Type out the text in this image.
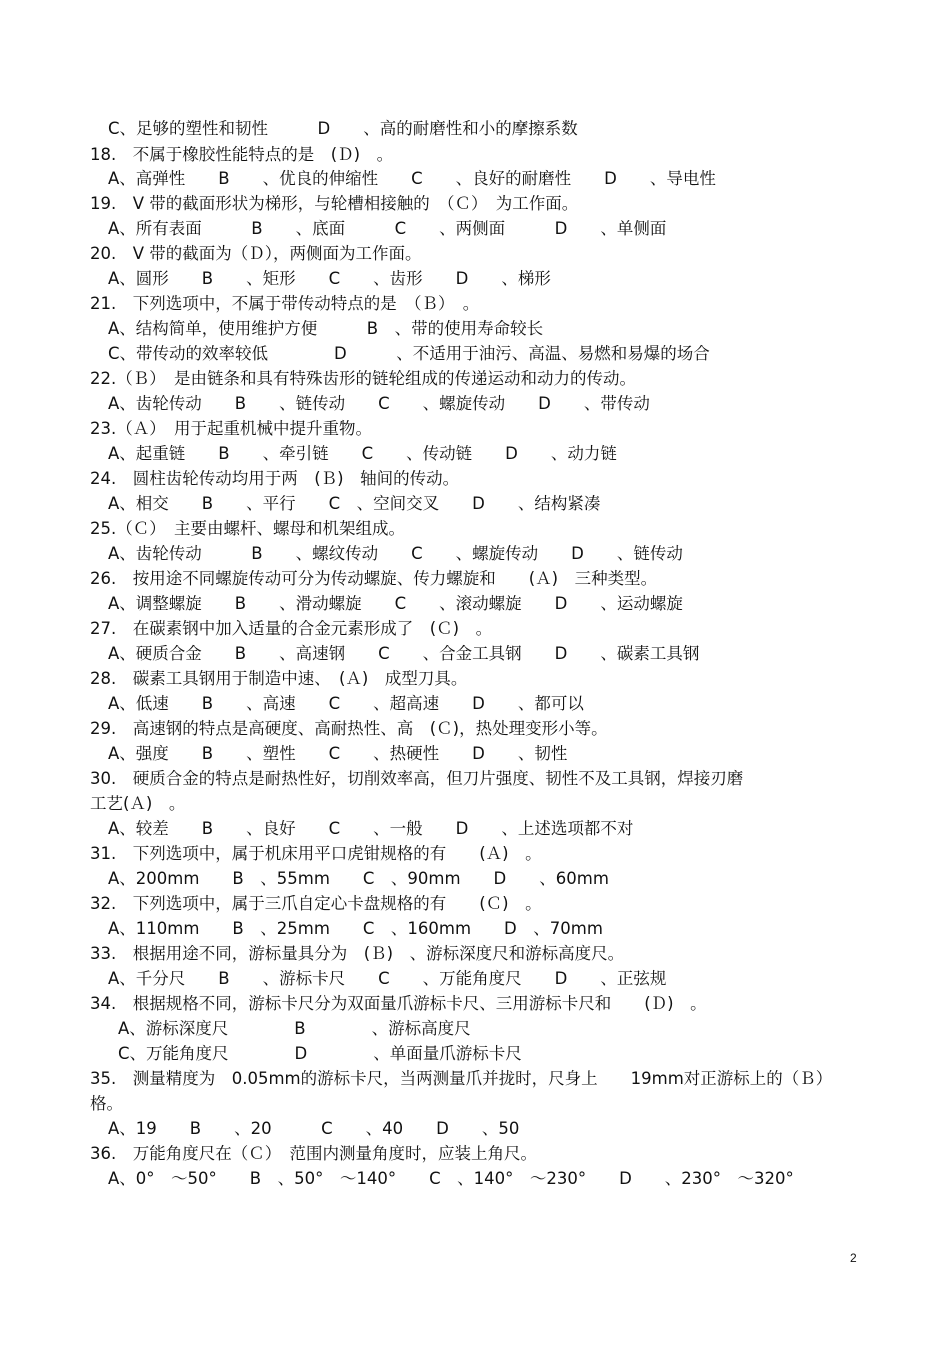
C、足够的塑性和韧性　　　D　　、高的耐磨性和小的摩擦系数
18.　不属于橡胶性能特点的是　(Ｄ)　。
A、高弹性　　B　　、优良的伸缩性　　C　　、良好的耐磨性　　D　　、导电性
19.　V 带的截面形状为梯形，与轮槽相接触的　（Ｃ）　为工作面。
A、所有表面　　　B　　、底面　　　C　　、两侧面　　　D　　、单侧面
20.　V 带的截面为（Ｄ），两侧面为工作面。
A、圆形　　B　　、矩形　　C　　、齿形　　D　　、梯形
21.　下列选项中，不属于带传动特点的是　（Ｂ）　。
A、结构简单，使用维护方便　　　B　、带的使用寿命较长
C、带传动的效率较低　　　　D　　　、不适用于油污、高温、易燃和易爆的场合
22.（Ｂ）　是由链条和具有特殊齿形的链轮组成的传递运动和动力的传动。
A、齿轮传动　　B　　、链传动　　C　　、螺旋传动　　D　　、带传动
23.（Ａ）　用于起重机械中提升重物。
A、起重链　　B　　、牵引链　　C　　、传动链　　D　　、动力链
24.　圆柱齿轮传动均用于两　(Ｂ)　轴间的传动。
A、相交　　B　　、平行　　C　、空间交叉　　D　　、结构紧凑
25.（Ｃ）　主要由螺杆、螺母和机架组成。
A、齿轮传动　　　B　　、螺纹传动　　C　　、螺旋传动　　D　　、链传动
26.　按用途不同螺旋传动可分为传动螺旋、传力螺旋和　　(Ａ)　三种类型。
A、调整螺旋　　B　　、滑动螺旋　　C　　、滚动螺旋　　D　　、运动螺旋
27.　在碳素钢中加入适量的合金元素形成了　(Ｃ)　。
A、硬质合金　　B　　、高速钢　　C　　、合金工具钢　　D　　、碳素工具钢
28.　碳素工具钢用于制造中速、　(Ａ)　成型刀具。
A、低速　　B　　、高速　　C　　、超高速　　D　　、都可以
29.　高速钢的特点是高硬度、高耐热性、高　(Ｃ)，热处理变形小等。
A、强度　　B　　、塑性　　C　　、热硬性　　D　　、韧性
30.　硬质合金的特点是耐热性好，切削效率高，但刀片强度、韧性不及工具钢，焊接刃磨
工艺(Ａ)　。
A、较差　　B　　、良好　　C　　、一般　　D　　、上述选项都不对
31.　下列选项中，属于机床用平口虎钳规格的有　　(Ａ)　。
A、200mm　　B　、55mm　　C　、90mm　　D　　、60mm
32.　下列选项中，属于三爪自定心卡盘规格的有　　(Ｃ)　。
A、110mm　　B　、25mm　　C　、160mm　　D　、70mm
33.　根据用途不同，游标量具分为　(Ｂ)　、游标深度尺和游标高度尺。
A、千分尺　　B　　、游标卡尺　　C　　、万能角度尺　　D　　、正弦规
34.　根据规格不同，游标卡尺分为双面量爪游标卡尺、三用游标卡尺和　　(Ｄ)　。
A、游标深度尺　　　　B　　　　、游标高度尺
C、万能角度尺　　　　D　　　　、单面量爪游标卡尺
35.　测量精度为　0.05mm的游标卡尺，当两测量爪并拢时，尺身上　　19mm对正游标上的（Ｂ）
格。
A、19　　B　　、20　　　C　　、40　　D　　、50
36.　万能角度尺在（Ｃ）　范围内测量角度时，应装上角尺。
A、0°　～50°　　B　、50°　～140°　　C　、140°　～230°　　D　　、230°　～320°
2
